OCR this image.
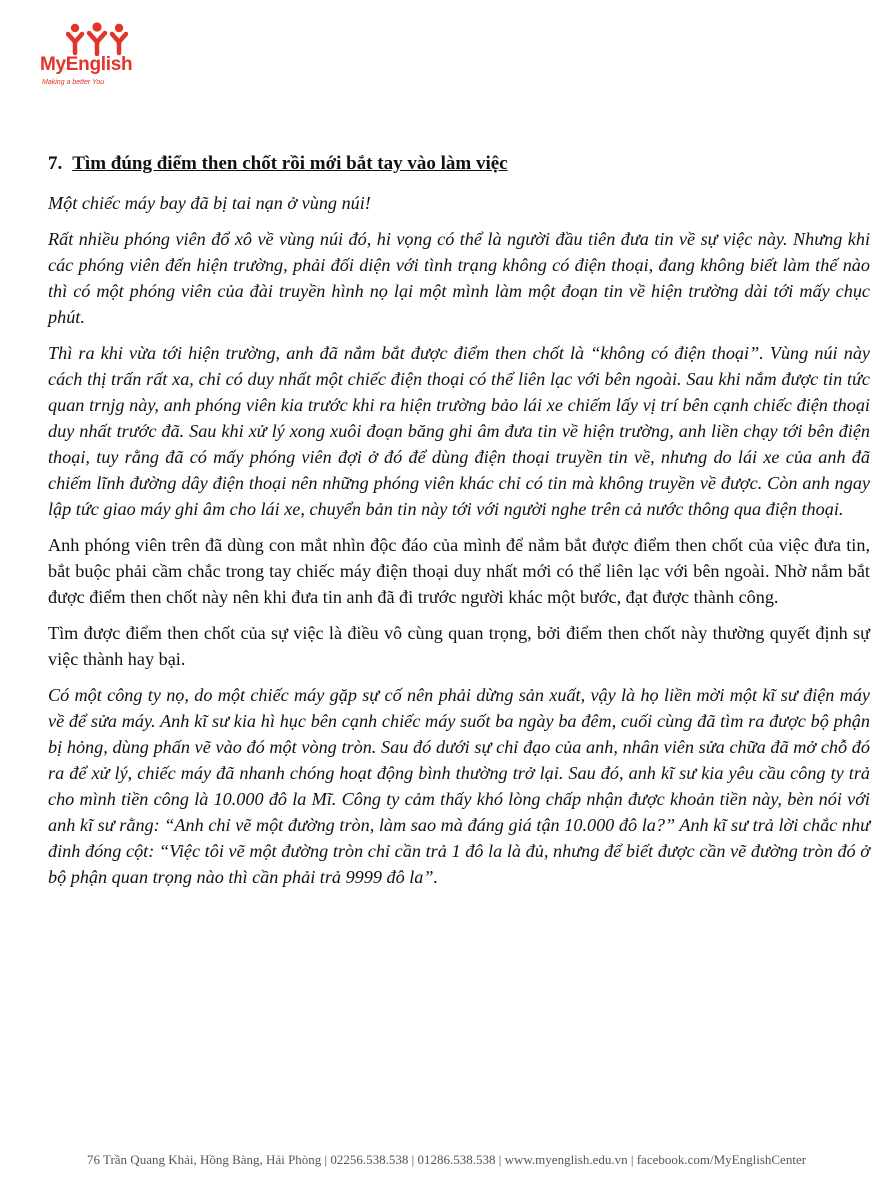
MyEnglish
Making a better You
7. Tìm đúng điểm then chốt rồi mới bắt tay vào làm việc

Một chiếc máy bay đã bị tai nạn ở vùng núi!

Rất nhiều phóng viên đổ xô về vùng núi đó, hi vọng có thể là người đầu tiên đưa tin về sự việc này. Nhưng khi các phóng viên đến hiện trường, phải đối diện với tình trạng không có điện thoại, đang không biết làm thế nào thì có một phóng viên của đài truyền hình nọ lại một mình làm một đoạn tin về hiện trường dài tới mấy chục phút.

Thì ra khi vừa tới hiện trường, anh đã nắm bắt được điểm then chốt là “không có điện thoại”. Vùng núi này cách thị trấn rất xa, chỉ có duy nhất một chiếc điện thoại có thể liên lạc với bên ngoài. Sau khi nắm được tin tức quan trnjg này, anh phóng viên kia trước khi ra hiện trường bảo lái xe chiếm lấy vị trí bên cạnh chiếc điện thoại duy nhất trước đã. Sau khi xử lý xong xuôi đoạn băng ghi âm đưa tin về hiện trường, anh liền chạy tới bên điện thoại, tuy rằng đã có mấy phóng viên đợi ở đó để dùng điện thoại truyền tin về, nhưng do lái xe của anh đã chiếm lĩnh đường dây điện thoại nên những phóng viên khác chỉ có tin mà không truyền về được. Còn anh ngay lập tức giao máy ghi âm cho lái xe, chuyển bản tin này tới với người nghe trên cả nước thông qua điện thoại.

Anh phóng viên trên đã dùng con mắt nhìn độc đáo của mình để nắm bắt được điểm then chốt của việc đưa tin, bắt buộc phải cầm chắc trong tay chiếc máy điện thoại duy nhất mới có thể liên lạc với bên ngoài. Nhờ nắm bắt được điểm then chốt này nên khi đưa tin anh đã đi trước người khác một bước, đạt được thành công.

Tìm được điểm then chốt của sự việc là điều vô cùng quan trọng, bởi điểm then chốt này thường quyết định sự việc thành hay bại.

Có một công ty nọ, do một chiếc máy gặp sự cố nên phải dừng sản xuất, vậy là họ liền mời một kĩ sư điện máy về để sửa máy. Anh kĩ sư kia hì hục bên cạnh chiếc máy suốt ba ngày ba đêm, cuối cùng đã tìm ra được bộ phận bị hỏng, dùng phấn vẽ vào đó một vòng tròn. Sau đó dưới sự chỉ đạo của anh, nhân viên sửa chữa đã mở chỗ đó ra để xử lý, chiếc máy đã nhanh chóng hoạt động bình thường trở lại. Sau đó, anh kĩ sư kia yêu cầu công ty trả cho mình tiền công là 10.000 đô la Mĩ. Công ty cảm thấy khó lòng chấp nhận được khoản tiền này, bèn nói với anh kĩ sư rằng: “Anh chỉ vẽ một đường tròn, làm sao mà đáng giá tận 10.000 đô la?” Anh kĩ sư trả lời chắc như đinh đóng cột: “Việc tôi vẽ một đường tròn chỉ cần trả 1 đô la là đủ, nhưng để biết được cần vẽ đường tròn đó ở bộ phận quan trọng nào thì cần phải trả 9999 đô la”.

76 Trần Quang Khải, Hồng Bàng, Hải Phòng | 02256.538.538 | 01286.538.538 | www.myenglish.edu.vn | facebook.com/MyEnglishCenter
